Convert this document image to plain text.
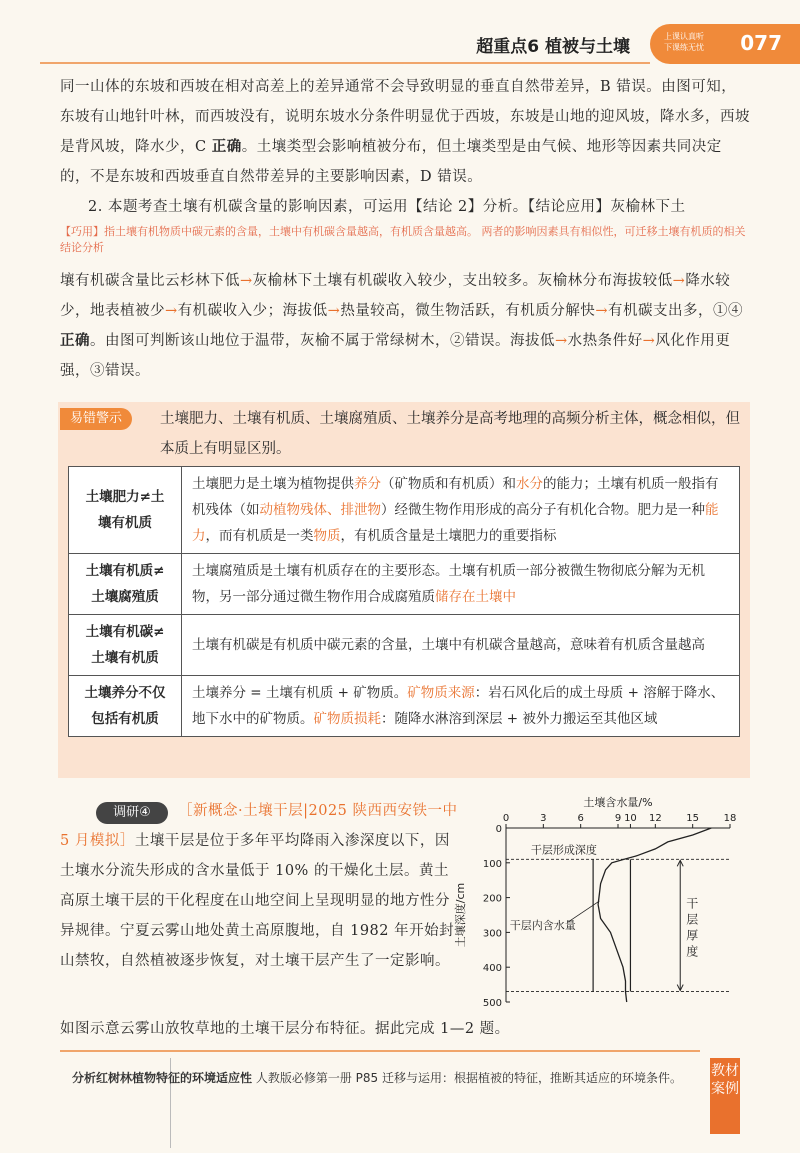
超重点6 植被与土壤
上课认真听
下课练无忧 077

同一山体的东坡和西坡在相对高差上的差异通常不会导致明显的垂直自然带差异，B 错误。由图可知，东坡有山地针叶林，而西坡没有，说明东坡水分条件明显优于西坡，东坡是山地的迎风坡，降水多，西坡是背风坡，降水少，C 正确。土壤类型会影响植被分布，但土壤类型是由气候、地形等因素共同决定的，不是东坡和西坡垂直自然带差异的主要影响因素，D 错误。

2. 本题考查土壤有机碳含量的影响因素，可运用【结论 2】分析。【结论应用】灰榆林下土

【巧用】指土壤有机物质中碳元素的含量，土壤中有机碳含量越高，有机质含量越高。 两者的影响因素具有相似性，可迁移土壤有机质的相关结论分析

壤有机碳含量比云杉林下低→灰榆林下土壤有机碳收入较少，支出较多。灰榆林分布海拔较低→降水较少，地表植被少→有机碳收入少；海拔低→热量较高，微生物活跃，有机质分解快→有机碳支出多，①④正确。由图可判断该山地位于温带，灰榆不属于常绿树木，②错误。海拔低→水热条件好→风化作用更强，③错误。

易错警示	土壤肥力、土壤有机质、土壤腐殖质、土壤养分是高考地理的高频分析主体，概念相似，但本质上有明显区别。

土壤肥力≠土壤有机质	土壤肥力是土壤为植物提供养分（矿物质和有机质）和水分的能力；土壤有机质一般指有机残体（如动植物残体、排泄物）经微生物作用形成的高分子有机化合物。肥力是一种能力，而有机质是一类物质，有机质含量是土壤肥力的重要指标
土壤有机质≠土壤腐殖质	土壤腐殖质是土壤有机质存在的主要形态。土壤有机质一部分被微生物彻底分解为无机物，另一部分通过微生物作用合成腐殖质储存在土壤中
土壤有机碳≠土壤有机质	土壤有机碳是有机质中碳元素的含量，土壤中有机碳含量越高，意味着有机质含量越高
土壤养分不仅包括有机质	土壤养分 = 土壤有机质 + 矿物质。矿物质来源：岩石风化后的成土母质 + 溶解于降水、地下水中的矿物质。矿物质损耗：随降水淋溶到深层 + 被外力搬运至其他区域
调研④	［新概念·土壤干层|2025 陕西西安铁一中 5 月模拟］土壤干层是位于多年平均降雨入渗深度以下，因土壤水分流失形成的含水量低于 10% 的干燥化土层。黄土高原土壤干层的干化程度在山地空间上呈现明显的地方性分异规律。宁夏云雾山地处黄土高原腹地，自 1982 年开始封山禁牧，自然植被逐步恢复，对土壤干层产生了一定影响。

如图示意云雾山放牧草地的土壤干层分布特征。据此完成 1—2 题。

土壤含水量/%
0	3	6	9 10 12 15 18
0
100
200
300
400
500
土壤深度/cm
干层形成深度
干层内含水量
干
层
厚
度
分析红树林植物特征的环境适应性 人教版必修第一册 P85 迁移与运用：根据植被的特征，推断其适应的环境条件。	教材案例
